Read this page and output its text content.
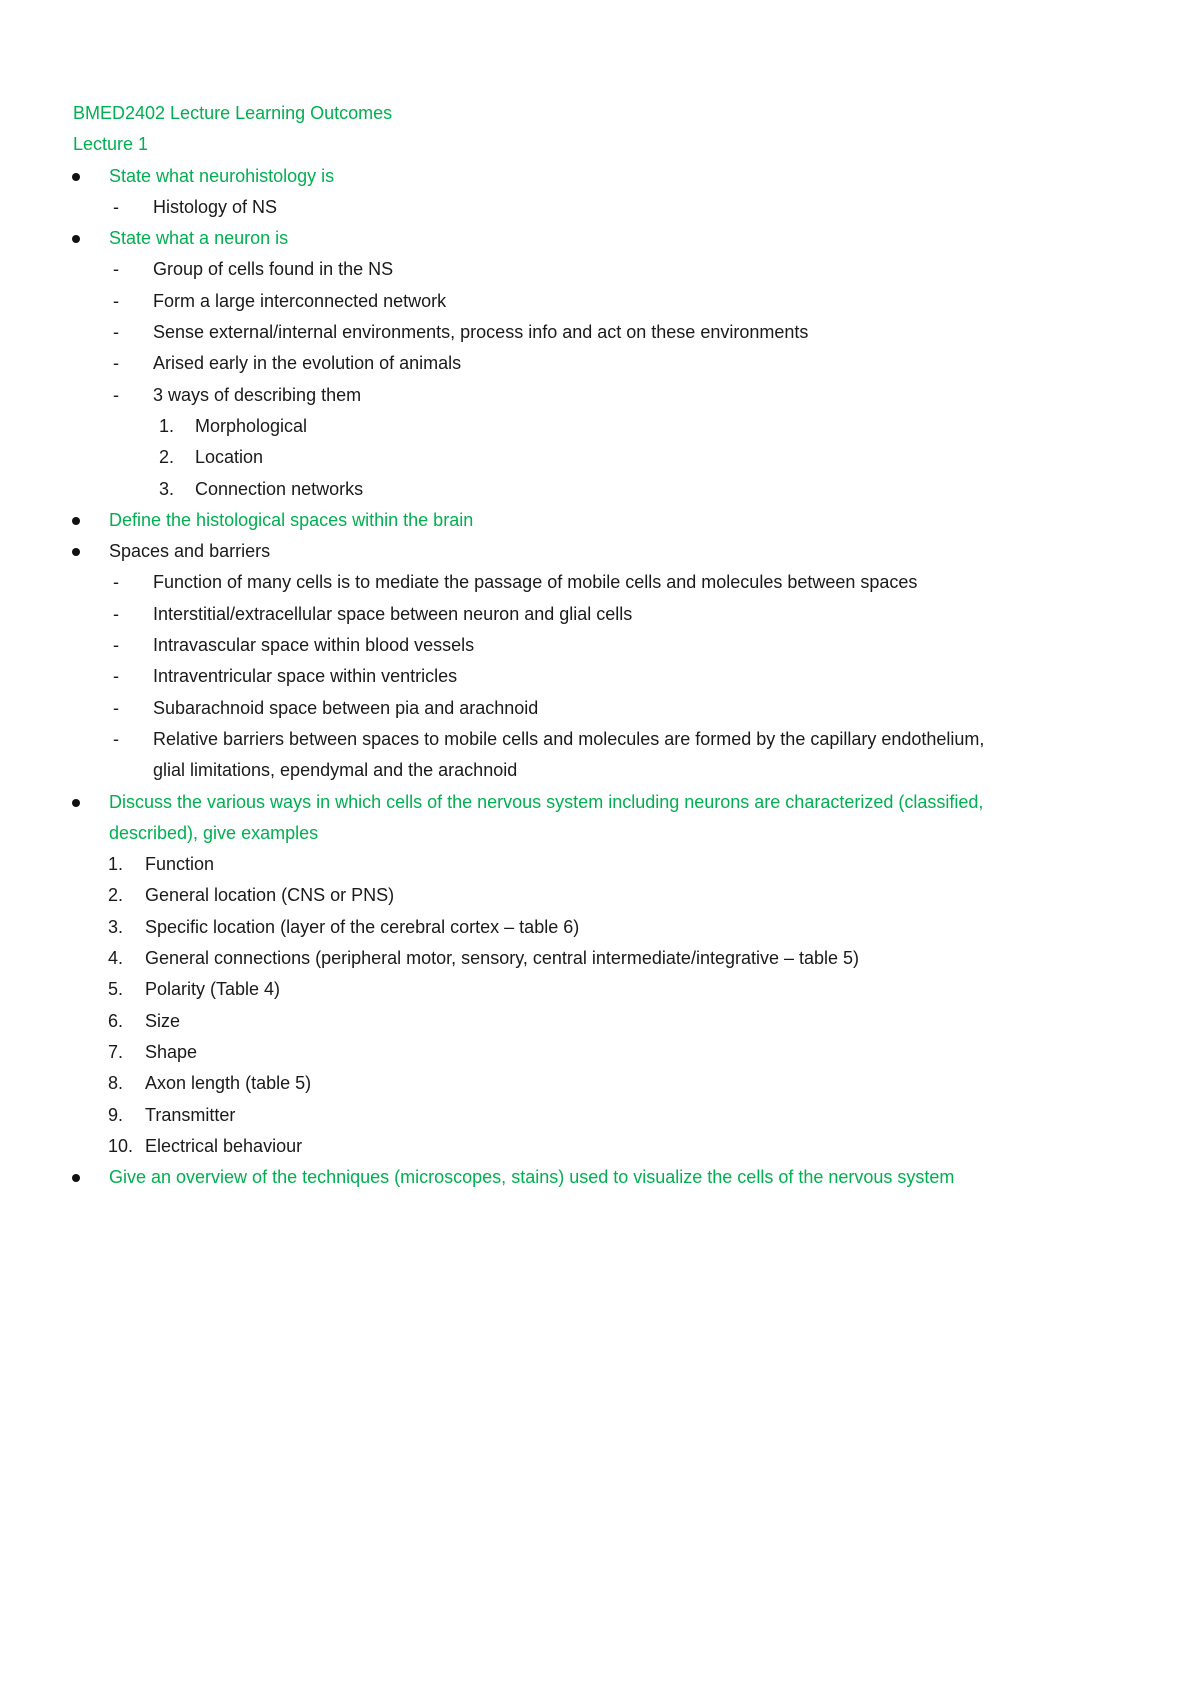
BMED2402 Lecture Learning Outcomes
Lecture 1
State what neurohistology is
- Histology of NS
State what a neuron is
- Group of cells found in the NS
- Form a large interconnected network
- Sense external/internal environments, process info and act on these environments
- Arised early in the evolution of animals
- 3 ways of describing them
1. Morphological
2. Location
3. Connection networks
Define the histological spaces within the brain
Spaces and barriers
- Function of many cells is to mediate the passage of mobile cells and molecules between spaces
- Interstitial/extracellular space between neuron and glial cells
- Intravascular space within blood vessels
- Intraventricular space within ventricles
- Subarachnoid space between pia and arachnoid
- Relative barriers between spaces to mobile cells and molecules are formed by the capillary endothelium,
glial limitations, ependymal and the arachnoid
Discuss the various ways in which cells of the nervous system including neurons are characterized (classified,
described), give examples
1. Function
2. General location (CNS or PNS)
3. Specific location (layer of the cerebral cortex – table 6)
4. General connections (peripheral motor, sensory, central intermediate/integrative – table 5)
5. Polarity (Table 4)
6. Size
7. Shape
8. Axon length (table 5)
9. Transmitter
10. Electrical behaviour
Give an overview of the techniques (microscopes, stains) used to visualize the cells of the nervous system
